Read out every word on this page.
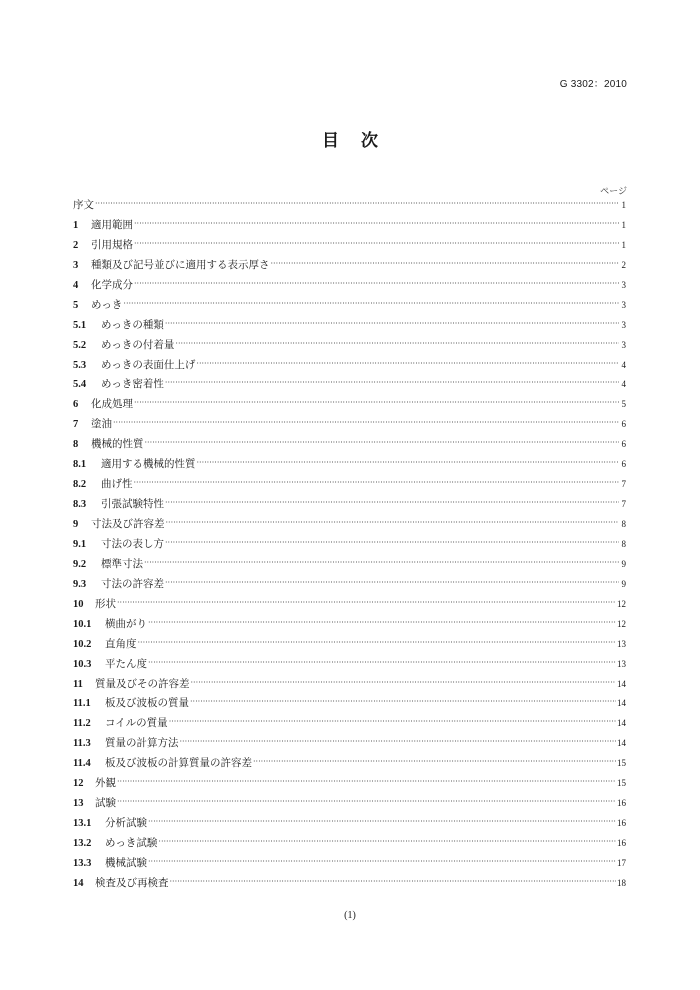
G 3302：2010
目次
ページ
序文 ·····	1
1	適用範囲 ·····	1
2	引用規格 ·····	1
3	種類及び記号並びに適用する表示厚さ ·····	2
4	化学成分 ·····	3
5	めっき ·····	3
5.1	めっきの種類 ·····	3
5.2	めっきの付着量 ·····	3
5.3	めっきの表面仕上げ ·····	4
5.4	めっき密着性 ·····	4
6	化成処理 ·····	5
7	塗油 ·····	6
8	機械的性質 ·····	6
8.1	適用する機械的性質 ·····	6
8.2	曲げ性 ·····	7
8.3	引張試験特性 ·····	7
9	寸法及び許容差 ·····	8
9.1	寸法の表し方 ·····	8
9.2	標準寸法 ·····	9
9.3	寸法の許容差 ·····	9
10	形状 ·····	12
10.1	横曲がり ·····	12
10.2	直角度 ·····	13
10.3	平たん度 ·····	13
11	質量及びその許容差 ·····	14
11.1	板及び波板の質量 ·····	14
11.2	コイルの質量 ·····	14
11.3	質量の計算方法 ·····	14
11.4	板及び波板の計算質量の許容差 ·····	15
12	外観 ·····	15
13	試験 ·····	16
13.1	分析試験 ·····	16
13.2	めっき試験 ·····	16
13.3	機械試験 ·····	17
14	検査及び再検査 ·····	18
(1)
